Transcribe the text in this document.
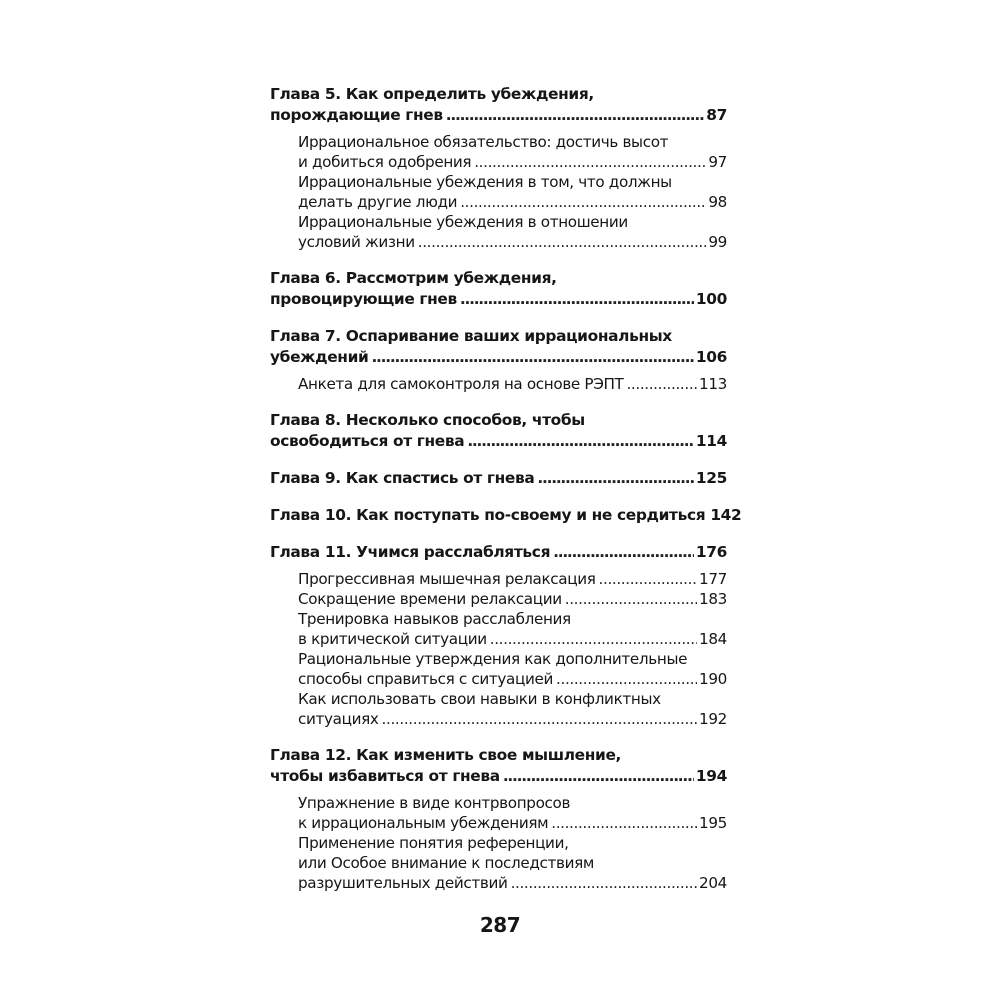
Глава 5. Как определить убеждения,
порождающие гнев . . .	87
Иррациональное обязательство: достичь высот
и добиться одобрения . . .	97
Иррациональные убеждения в том, что должны
делать другие люди . . .	98
Иррациональные убеждения в отношении
условий жизни . . .	99
Глава 6. Рассмотрим убеждения,
провоцирующие гнев . . .	100
Глава 7. Оспаривание ваших иррациональных
убеждений . . .	106
Анкета для самоконтроля на основе РЭПТ . . .	113
Глава 8. Несколько способов, чтобы
освободиться от гнева . . .	114
Глава 9. Как спастись от гнева . . .	125
Глава 10. Как поступать по-своему и не сердиться 142
Глава 11. Учимся расслабляться . . .	176
Прогрессивная мышечная релаксация . . .	177
Сокращение времени релаксации . . .	183
Тренировка навыков расслабления
в критической ситуации . . .	184
Рациональные утверждения как дополнительные
способы справиться с ситуацией . . .	190
Как использовать свои навыки в конфликтных
ситуациях . . .	192
Глава 12. Как изменить свое мышление,
чтобы избавиться от гнева . . .	194
Упражнение в виде контрвопросов
к иррациональным убеждениям . . .	195
Применение понятия референции,
или Особое внимание к последствиям
разрушительных действий . . .	204
287
